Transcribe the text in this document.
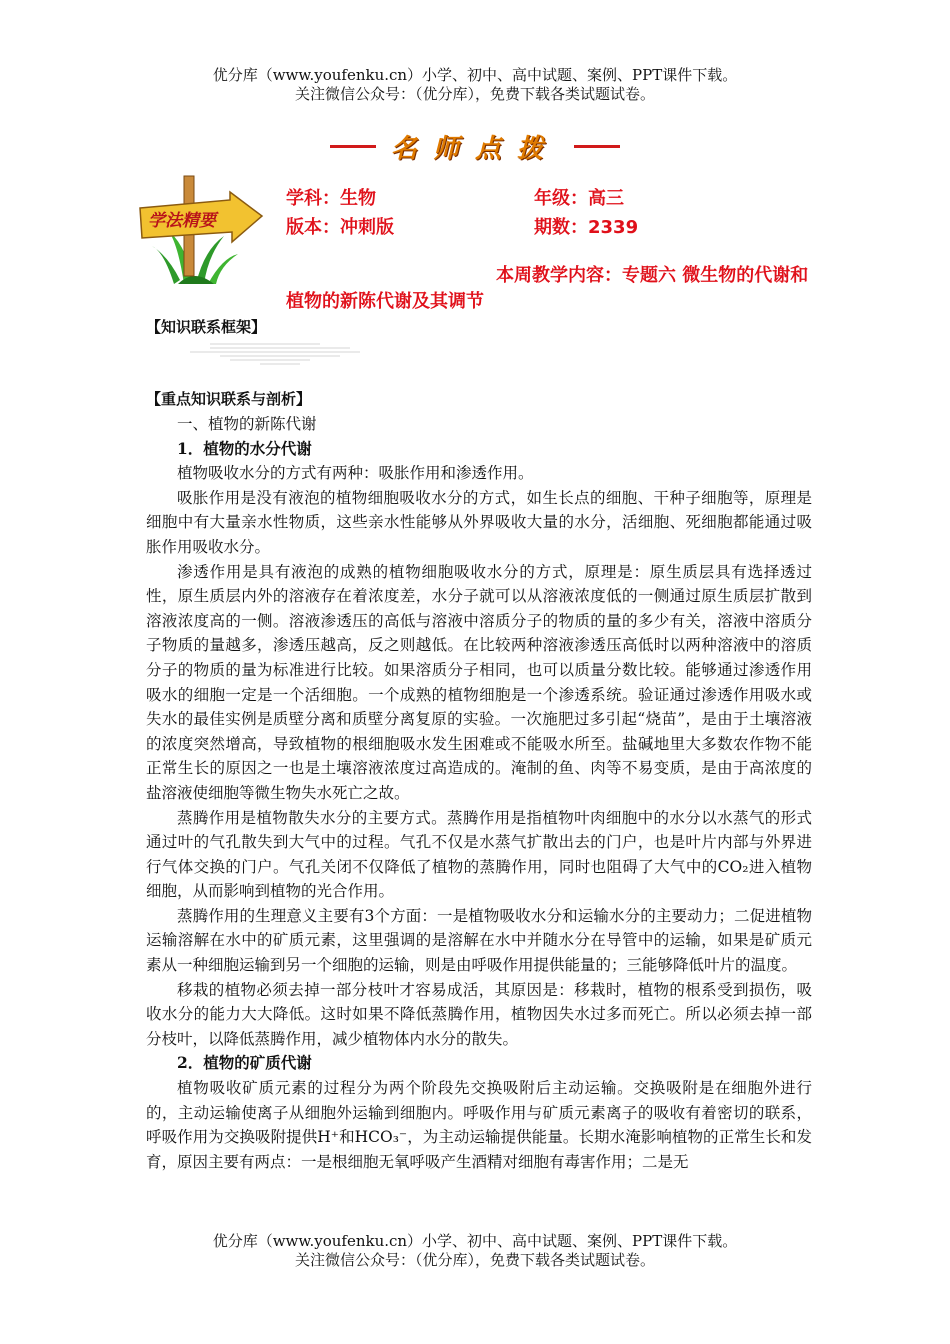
优分库（www.youfenku.cn）小学、初中、高中试题、案例、PPT课件下载。
关注微信公众号：（优分库），免费下载各类试题试卷。
名师点拨
学法精要
学科：生物	年级：高三
版本：冲刺版	期数：2339
本周教学内容：专题六 微生物的代谢和植物的新陈代谢及其调节
【知识联系框架】
【重点知识联系与剖析】

一、植物的新陈代谢

1．植物的水分代谢

植物吸收水分的方式有两种：吸胀作用和渗透作用。

吸胀作用是没有液泡的植物细胞吸收水分的方式，如生长点的细胞、干种子细胞等，原理是细胞中有大量亲水性物质，这些亲水性能够从外界吸收大量的水分，活细胞、死细胞都能通过吸胀作用吸收水分。

渗透作用是具有液泡的成熟的植物细胞吸收水分的方式，原理是：原生质层具有选择透过性，原生质层内外的溶液存在着浓度差，水分子就可以从溶液浓度低的一侧通过原生质层扩散到溶液浓度高的一侧。溶液渗透压的高低与溶液中溶质分子的物质的量的多少有关，溶液中溶质分子物质的量越多，渗透压越高，反之则越低。在比较两种溶液渗透压高低时以两种溶液中的溶质分子的物质的量为标准进行比较。如果溶质分子相同，也可以质量分数比较。能够通过渗透作用吸水的细胞一定是一个活细胞。一个成熟的植物细胞是一个渗透系统。验证通过渗透作用吸水或失水的最佳实例是质壁分离和质壁分离复原的实验。一次施肥过多引起“烧苗”，是由于土壤溶液的浓度突然增高，导致植物的根细胞吸水发生困难或不能吸水所至。盐碱地里大多数农作物不能正常生长的原因之一也是土壤溶液浓度过高造成的。淹制的鱼、肉等不易变质，是由于高浓度的盐溶液使细胞等微生物失水死亡之故。

蒸腾作用是植物散失水分的主要方式。蒸腾作用是指植物叶肉细胞中的水分以水蒸气的形式通过叶的气孔散失到大气中的过程。气孔不仅是水蒸气扩散出去的门户，也是叶片内部与外界进行气体交换的门户。气孔关闭不仅降低了植物的蒸腾作用，同时也阻碍了大气中的CO₂进入植物细胞，从而影响到植物的光合作用。

蒸腾作用的生理意义主要有3个方面：一是植物吸收水分和运输水分的主要动力；二促进植物运输溶解在水中的矿质元素，这里强调的是溶解在水中并随水分在导管中的运输，如果是矿质元素从一种细胞运输到另一个细胞的运输，则是由呼吸作用提供能量的；三能够降低叶片的温度。

移栽的植物必须去掉一部分枝叶才容易成活，其原因是：移栽时，植物的根系受到损伤，吸收水分的能力大大降低。这时如果不降低蒸腾作用，植物因失水过多而死亡。所以必须去掉一部分枝叶，以降低蒸腾作用，减少植物体内水分的散失。

2．植物的矿质代谢

植物吸收矿质元素的过程分为两个阶段先交换吸附后主动运输。交换吸附是在细胞外进行的，主动运输使离子从细胞外运输到细胞内。呼吸作用与矿质元素离子的吸收有着密切的联系，呼吸作用为交换吸附提供H⁺和HCO₃⁻，为主动运输提供能量。长期水淹影响植物的正常生长和发育，原因主要有两点：一是根细胞无氧呼吸产生酒精对细胞有毒害作用；二是无

优分库（www.youfenku.cn）小学、初中、高中试题、案例、PPT课件下载。
关注微信公众号：（优分库），免费下载各类试题试卷。
